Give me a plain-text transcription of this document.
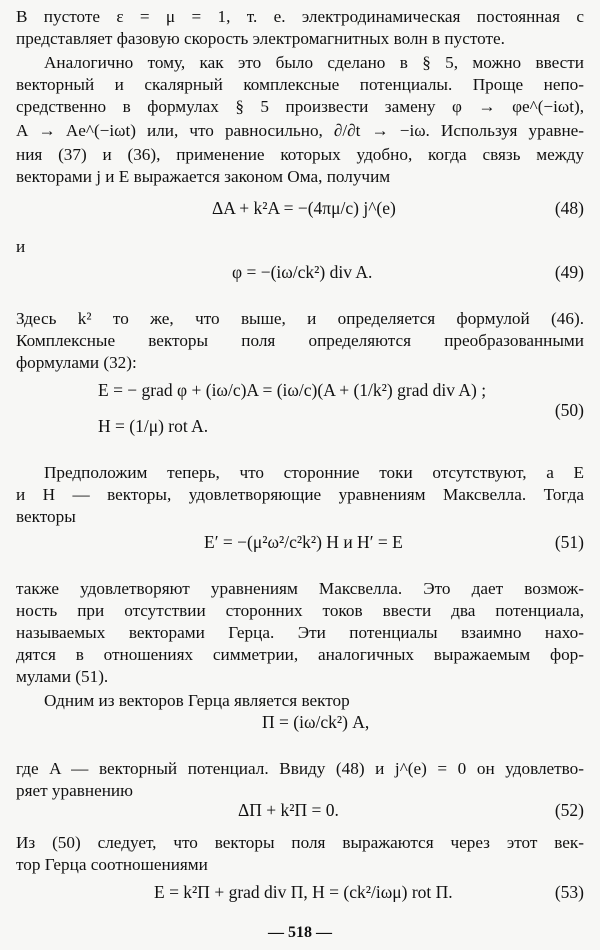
В пустоте ε = μ = 1, т. е. электродинамическая постоянная c
представляет фазовую скорость электромагнитных волн в пустоте.
Аналогично тому, как это было сделано в § 5, можно ввести
векторный и скалярный комплексные потенциалы. Проще непо-
средственно в формулах § 5 произвести замену φ → φe^(−iωt),
A → Ae^(−iωt) или, что равносильно, ∂/∂t → −iω. Используя уравне-
ния (37) и (36), применение которых удобно, когда связь между
векторами j и E выражается законом Ома, получим
ΔA + k²A = −(4πμ/c) j^(e)	(48)
и
φ = −(iω/ck²) div A.	(49)
Здесь k² то же, что выше, и определяется формулой (46).
Комплексные векторы поля определяются преобразованными
формулами (32):
E = − grad φ + (iω/c)A = (iω/c)(A + (1/k²) grad div A) ;
(50)
H = (1/μ) rot A.
Предположим теперь, что сторонние токи отсутствуют, а E
и H — векторы, удовлетворяющие уравнениям Максвелла. Тогда
векторы
E′ = −(μ²ω²/c²k²) H и H′ = E	(51)
также удовлетворяют уравнениям Максвелла. Это дает возмож-
ность при отсутствии сторонних токов ввести два потенциала,
называемых векторами Герца. Эти потенциалы взаимно нахо-
дятся в отношениях симметрии, аналогичных выражаемым фор-
мулами (51).
Одним из векторов Герца является вектор
Π = (iω/ck²) A,
где A — векторный потенциал. Ввиду (48) и j^(e) = 0 он удовлетво-
ряет уравнению
ΔΠ + k²Π = 0.	(52)
Из (50) следует, что векторы поля выражаются через этот век-
тор Герца соотношениями
E = k²Π + grad div Π, H = (ck²/iωμ) rot Π.	(53)
— 518 —
